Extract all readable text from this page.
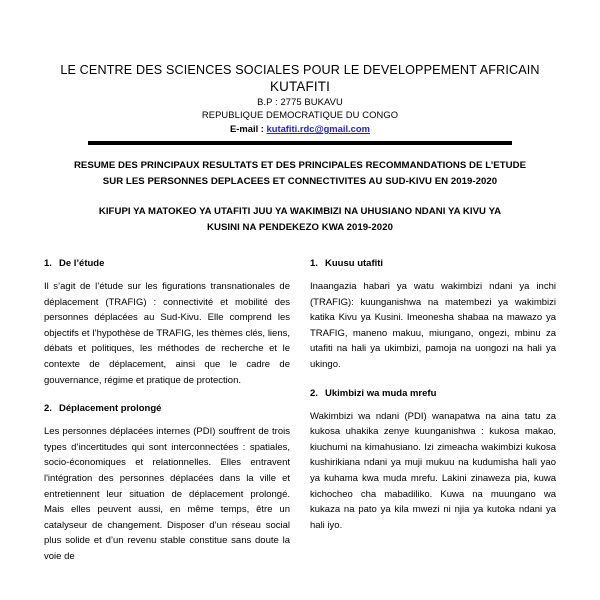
LE CENTRE DES SCIENCES SOCIALES POUR LE DEVELOPPEMENT AFRICAIN
KUTAFITI
B.P : 2775 BUKAVU
REPUBLIQUE DEMOCRATIQUE DU CONGO
E-mail : kutafiti.rdc@gmail.com
RESUME DES PRINCIPAUX RESULTATS ET DES PRINCIPALES RECOMMANDATIONS DE L’ETUDE
SUR LES PERSONNES DEPLACEES ET CONNECTIVITES AU SUD-KIVU EN 2019-2020
KIFUPI YA MATOKEO YA UTAFITI JUU YA WAKIMBIZI NA UHUSIANO NDANI YA KIVU YA
KUSINI NA PENDEKEZO KWA 2019-2020
1. De l’étude
Il s’agit de l’étude sur les figurations transnationales de déplacement (TRAFIG) : connectivité et mobilité des personnes déplacées au Sud-Kivu. Elle comprend les objectifs et l’hypothèse de TRAFIG, les thèmes clés, liens, débats et politiques, les méthodes de recherche et le contexte de déplacement, ainsi que le cadre de gouvernance, régime et pratique de protection.
2. Déplacement prolongé
Les personnes déplacées internes (PDI) souffrent de trois types d’incertitudes qui sont interconnectées : spatiales, socio-économiques et relationnelles. Elles entravent l'intégration des personnes déplacées dans la ville et entretiennent leur situation de déplacement prolongé. Mais elles peuvent aussi, en même temps, être un catalyseur de changement. Disposer d’un réseau social plus solide et d’un revenu stable constitue sans doute la voie de
1. Kuusu utafiti
Inaangazia habari ya watu wakimbizi ndani ya inchi (TRAFIG): kuunganishwa na matembezi ya wakimbizi katika Kivu ya Kusini. Imeonesha shabaa na mawazo ya TRAFIG, maneno makuu, miungano, ongezi, mbinu za utafiti na hali ya ukimbizi, pamoja na uongozi na hali ya ukingo.
2. Ukimbizi wa muda mrefu
Wakimbizi wa ndani (PDI) wanapatwa na aina tatu za kukosa uhakika zenye kuunganishwa : kukosa makao, kiuchumi na kimahusiano. Izi zimeacha wakimbizi kukosa kushirikiana ndani ya muji mukuu na kudumisha hali yao ya kuhama kwa muda mrefu. Lakini zinaweza pia, kuwa kichocheo cha mabadiliko. Kuwa na muungano wa kukaza na pato ya kila mwezi ni njia ya kutoka ndani ya hali iyo.
